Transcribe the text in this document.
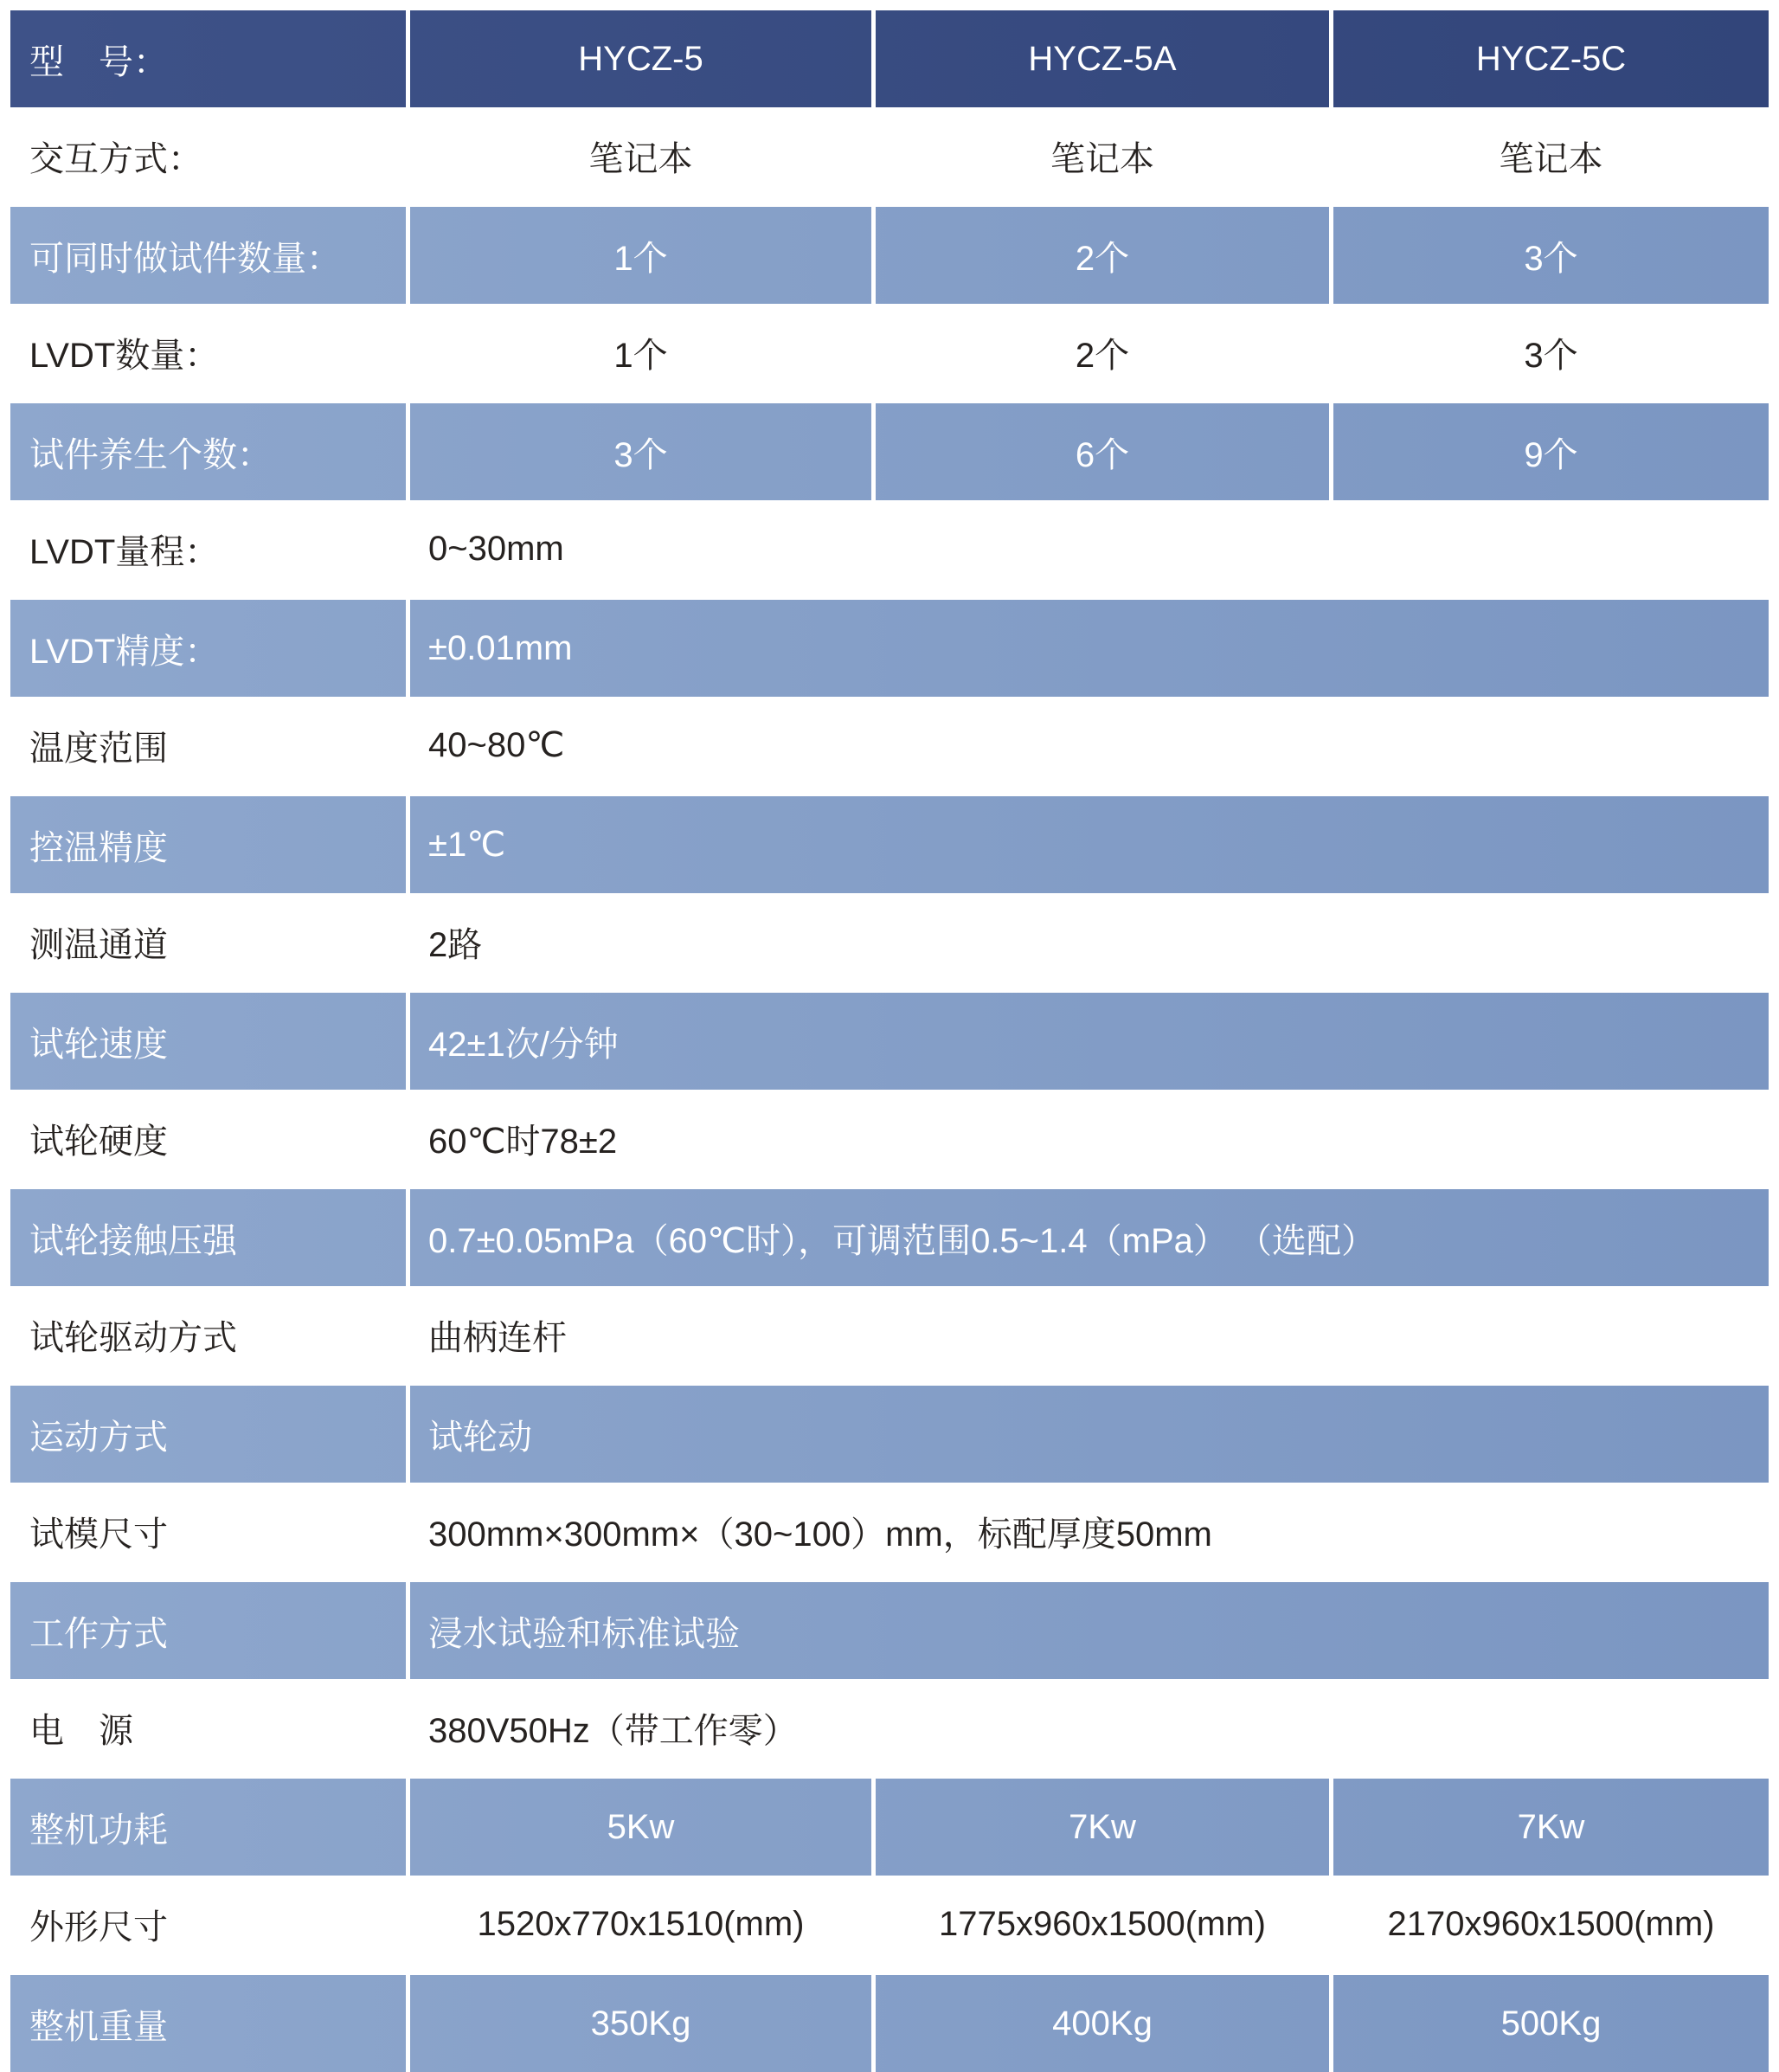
型　号：	HYCZ-5	HYCZ-5A	HYCZ-5C
交互方式：	笔记本	笔记本	笔记本
可同时做试件数量：	1个	2个	3个
LVDT数量：	1个	2个	3个
试件养生个数：	3个	6个	9个
LVDT量程：	0~30mm
LVDT精度：	±0.01mm
温度范围	40~80℃
控温精度	±1℃
测温通道	2路
试轮速度	42±1次/分钟
试轮硬度	60℃时78±2
试轮接触压强	0.7±0.05mPa（60℃时），可调范围0.5~1.4（mPa） （选配）
试轮驱动方式	曲柄连杆
运动方式	试轮动
试模尺寸	300mm×300mm×（30~100）mm，标配厚度50mm
工作方式	浸水试验和标准试验
电　源	380V50Hz（带工作零）
整机功耗	5Kw	7Kw	7Kw
外形尺寸	1520x770x1510(mm)	1775x960x1500(mm)	2170x960x1500(mm)
整机重量	350Kg	400Kg	500Kg
